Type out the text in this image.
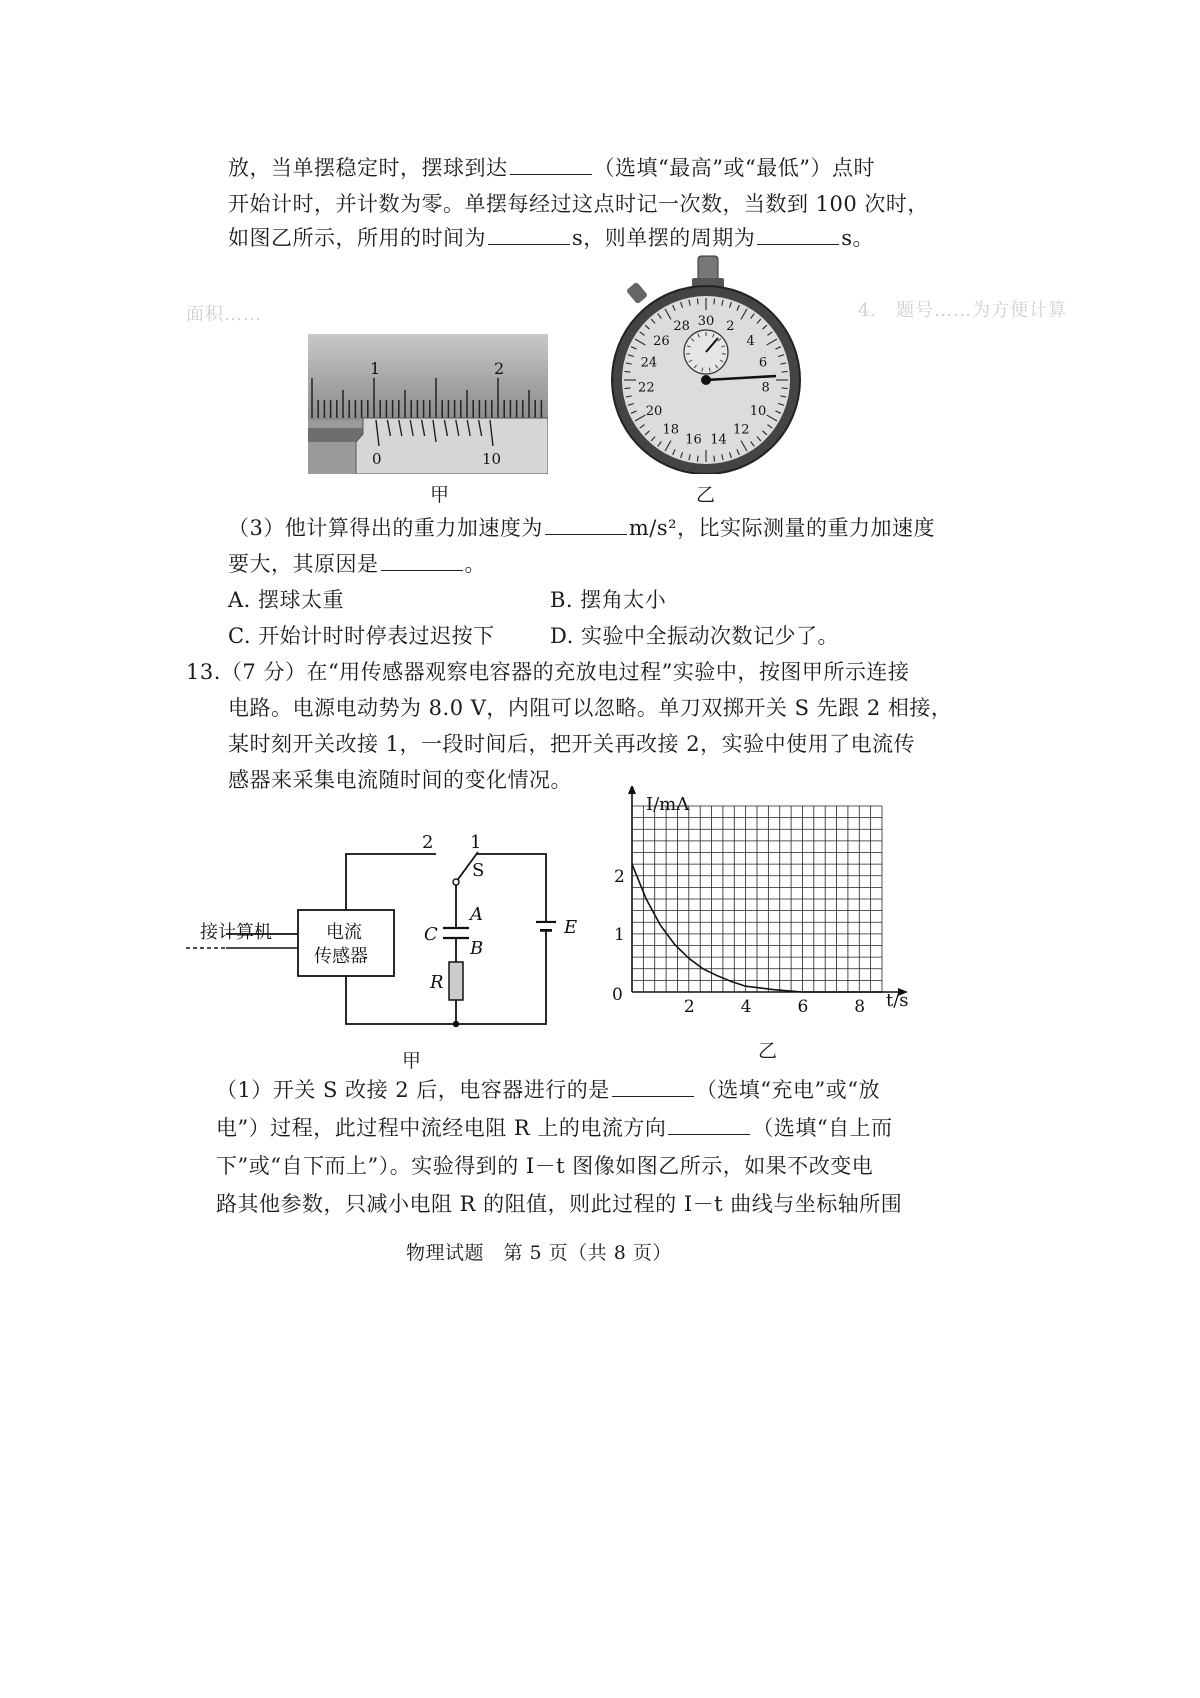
4.　题号……为方便计算
面积……
放，当单摆稳定时，摆球到达	（选填“最高”或“最低”）点时
开始计时，并计数为零。单摆每经过这点时记一次数，当数到 100 次时，
如图乙所示，所用的时间为	s，则单摆的周期为	s。
1	2
0	10
甲
30 2
4
6
8
10
12
14
16
18
20
22
24
26
28
乙
（3）他计算得出的重力加速度为	m/s²，比实际测量的重力加速度
要大，其原因是	。
A. 摆球太重	B. 摆角太小
C. 开始计时时停表过迟按下	D. 实验中全振动次数记少了。
13.（7 分）在“用传感器观察电容器的充放电过程”实验中，按图甲所示连接
电路。电源电动势为 8.0 V，内阻可以忽略。单刀双掷开关 S 先跟 2 相接，
某时刻开关改接 1，一段时间后，把开关再改接 2，实验中使用了电流传
感器来采集电流随时间的变化情况。
接计算机	电流
传感器
2 1
S
A
B
C
R
E
甲
2	4	6	8
0
1
2
I/mA
t/s
乙
（1）开关 S 改接 2 后，电容器进行的是	（选填“充电”或“放
电”）过程，此过程中流经电阻 R 上的电流方向	（选填“自上而
下”或“自下而上”）。实验得到的 I－t 图像如图乙所示，如果不改变电
路其他参数，只减小电阻 R 的阻值，则此过程的 I－t 曲线与坐标轴所围
物理试题　第 5 页（共 8 页）
